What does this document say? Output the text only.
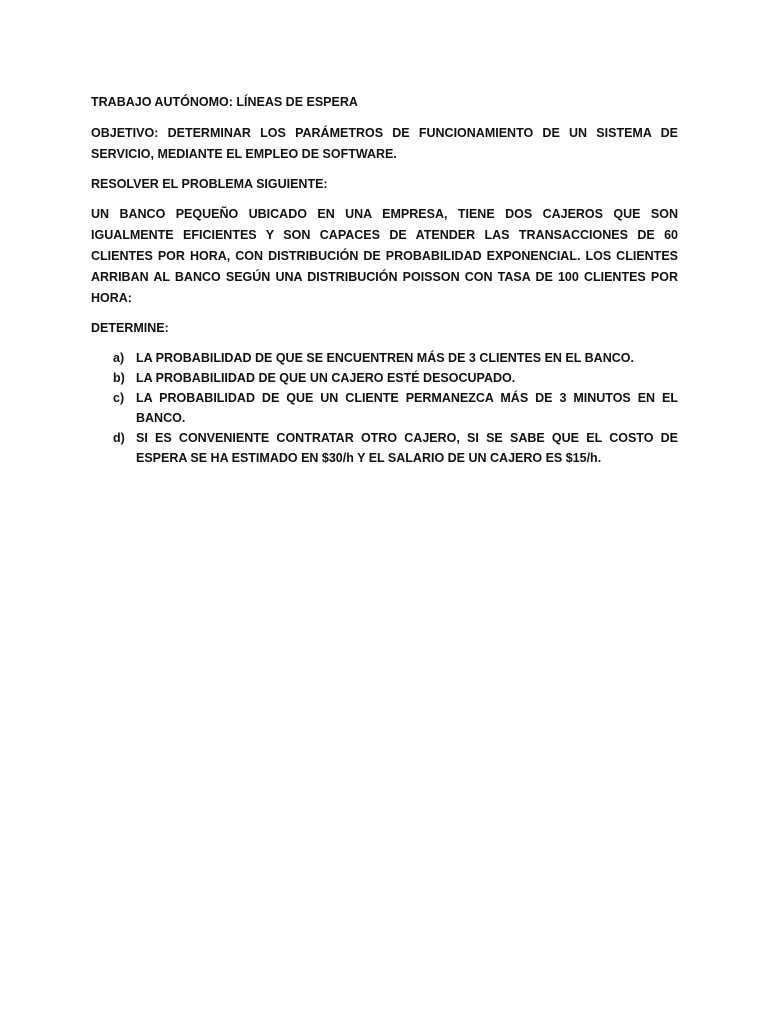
TRABAJO AUTÓNOMO: LÍNEAS DE ESPERA

OBJETIVO: DETERMINAR LOS PARÁMETROS DE FUNCIONAMIENTO DE UN SISTEMA DE SERVICIO, MEDIANTE EL EMPLEO DE SOFTWARE.

RESOLVER EL PROBLEMA SIGUIENTE:

UN BANCO PEQUEÑO UBICADO EN UNA EMPRESA, TIENE DOS CAJEROS QUE SON IGUALMENTE EFICIENTES Y SON CAPACES DE ATENDER LAS TRANSACCIONES DE 60 CLIENTES POR HORA, CON DISTRIBUCIÓN DE PROBABILIDAD EXPONENCIAL. LOS CLIENTES ARRIBAN AL BANCO SEGÚN UNA DISTRIBUCIÓN POISSON CON TASA DE 100 CLIENTES POR HORA:

DETERMINE:

a) LA PROBABILIDAD DE QUE SE ENCUENTREN MÁS DE 3 CLIENTES EN EL BANCO.
b) LA PROBABILIIDAD DE QUE UN CAJERO ESTÉ DESOCUPADO.
c) LA PROBABILIDAD DE QUE UN CLIENTE PERMANEZCA MÁS DE 3 MINUTOS EN EL BANCO.
d) SI ES CONVENIENTE CONTRATAR OTRO CAJERO, SI SE SABE QUE EL COSTO DE ESPERA SE HA ESTIMADO EN $30/h Y EL SALARIO DE UN CAJERO ES $15/h.
